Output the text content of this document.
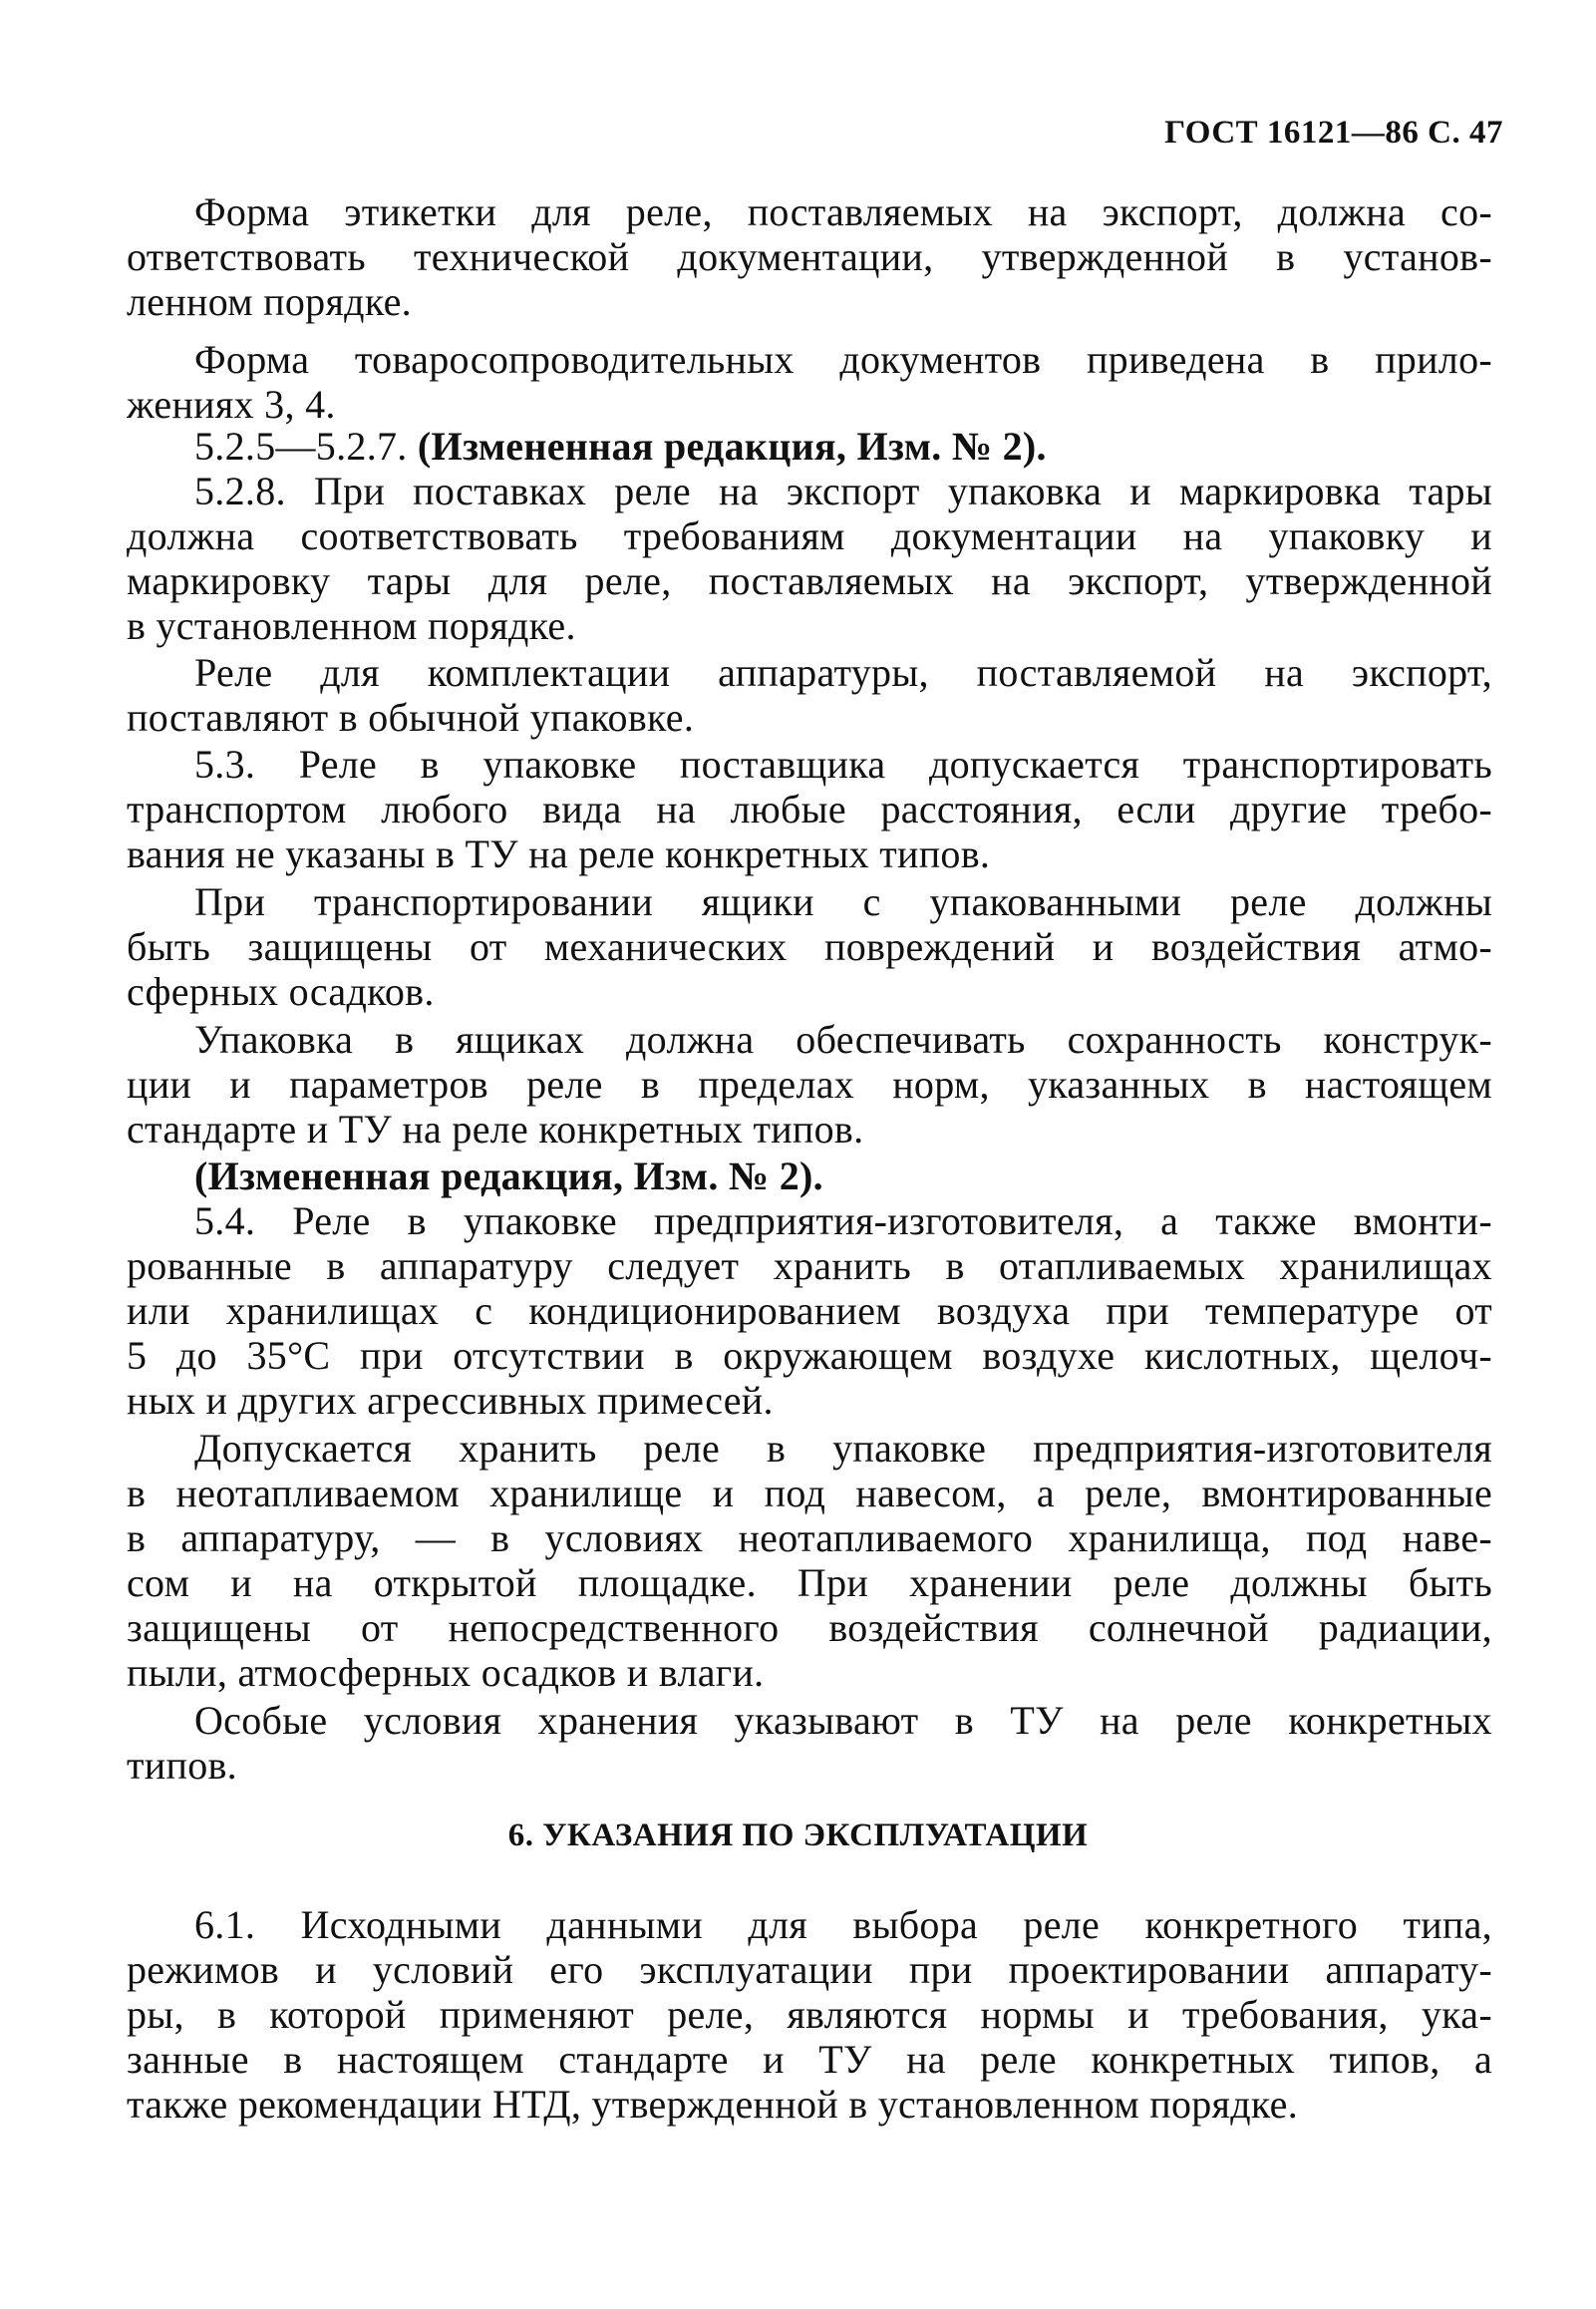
ГОСТ 16121—86 С. 47
Форма этикетки для реле, поставляемых на экспорт, должна со-
ответствовать технической документации, утвержденной в установ-
ленном порядке.
Форма товаросопроводительных документов приведена в прило-
жениях 3, 4.
5.2.5—5.2.7. (Измененная редакция, Изм. № 2).
5.2.8. При поставках реле на экспорт упаковка и маркировка тары
должна соответствовать требованиям документации на упаковку и
маркировку тары для реле, поставляемых на экспорт, утвержденной
в установленном порядке.
Реле для комплектации аппаратуры, поставляемой на экспорт,
поставляют в обычной упаковке.
5.3. Реле в упаковке поставщика допускается транспортировать
транспортом любого вида на любые расстояния, если другие требо-
вания не указаны в ТУ на реле конкретных типов.
При транспортировании ящики с упакованными реле должны
быть защищены от механических повреждений и воздействия атмо-
сферных осадков.
Упаковка в ящиках должна обеспечивать сохранность конструк-
ции и параметров реле в пределах норм, указанных в настоящем
стандарте и ТУ на реле конкретных типов.
(Измененная редакция, Изм. № 2).
5.4. Реле в упаковке предприятия-изготовителя, а также вмонти-
рованные в аппаратуру следует хранить в отапливаемых хранилищах
или хранилищах с кондиционированием воздуха при температуре от
5 до 35°С при отсутствии в окружающем воздухе кислотных, щелоч-
ных и других агрессивных примесей.
Допускается хранить реле в упаковке предприятия-изготовителя
в неотапливаемом хранилище и под навесом, а реле, вмонтированные
в аппаратуру, — в условиях неотапливаемого хранилища, под наве-
сом и на открытой площадке. При хранении реле должны быть
защищены от непосредственного воздействия солнечной радиации,
пыли, атмосферных осадков и влаги.
Особые условия хранения указывают в ТУ на реле конкретных
типов.
6. УКАЗАНИЯ ПО ЭКСПЛУАТАЦИИ
6.1. Исходными данными для выбора реле конкретного типа,
режимов и условий его эксплуатации при проектировании аппарату-
ры, в которой применяют реле, являются нормы и требования, ука-
занные в настоящем стандарте и ТУ на реле конкретных типов, а
также рекомендации НТД, утвержденной в установленном порядке.
